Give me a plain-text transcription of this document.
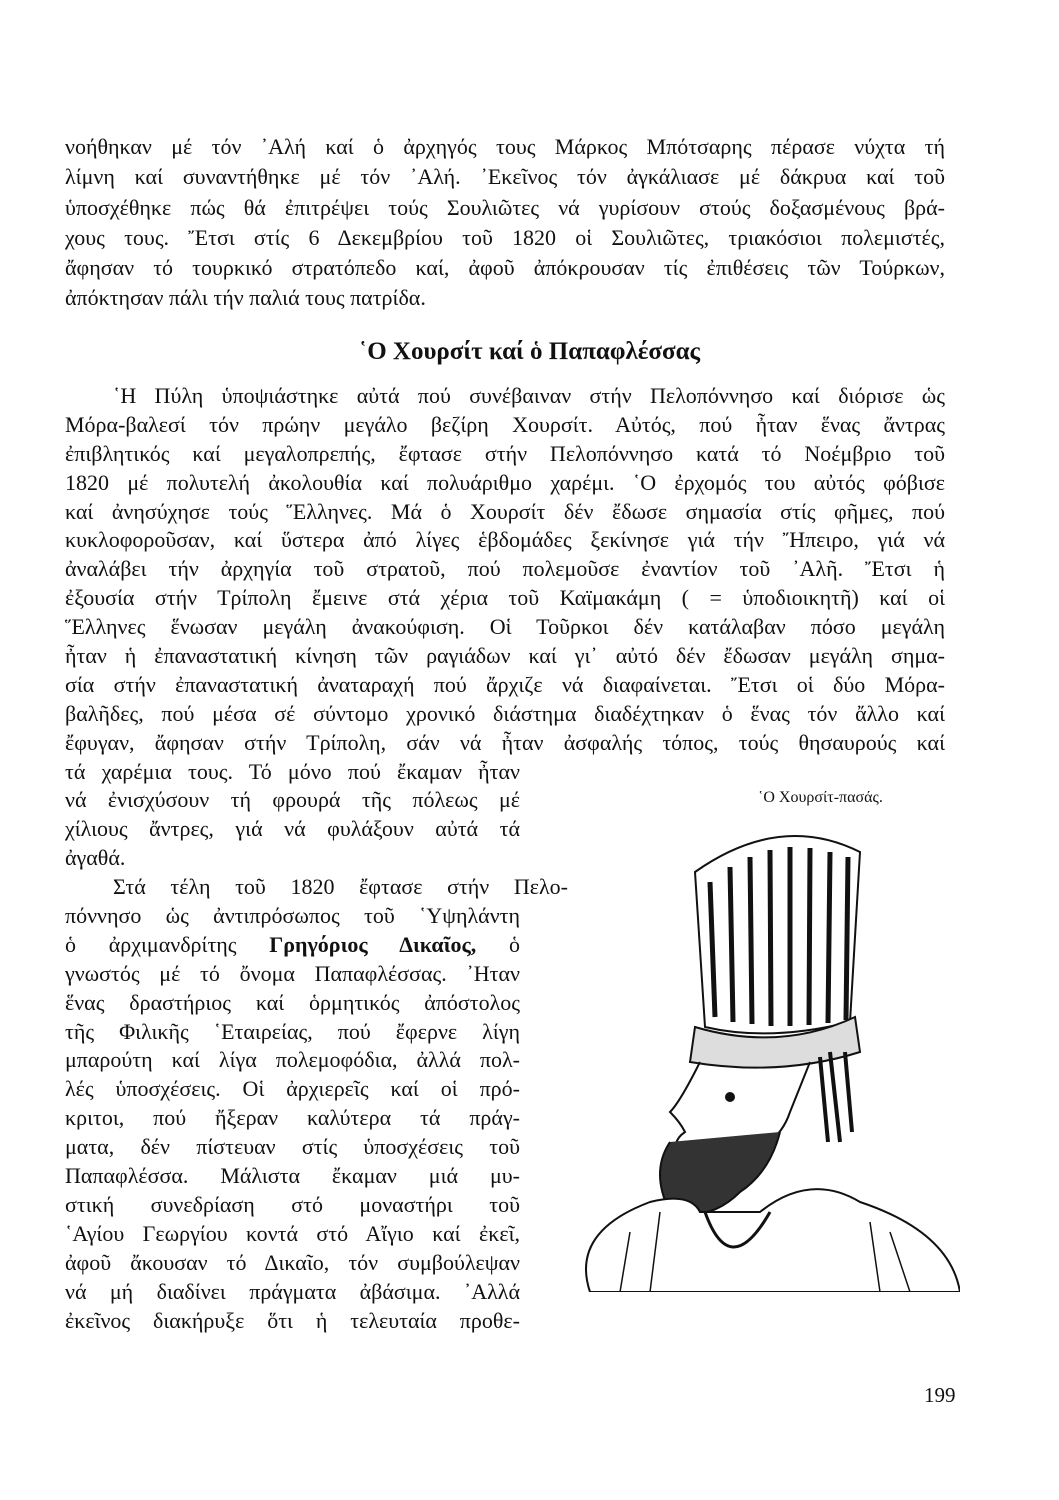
νοήθηκαν μέ τόν ᾿Αλή καί ὁ ἀρχηγός τους Μάρκος Μπότσαρης πέρασε νύχτα τή
λίμνη καί συναντήθηκε μέ τόν ᾿Αλή. ᾿Εκεῖνος τόν ἀγκάλιασε μέ δάκρυα καί τοῦ
ὑποσχέθηκε πώς θά ἐπιτρέψει τούς Σουλιῶτες νά γυρίσουν στούς δοξασμένους βρά-
χους τους. Ἔτσι στίς 6 Δεκεμβρίου τοῦ 1820 οἱ Σουλιῶτες, τριακόσιοι πολεμιστές,
ἄφησαν τό τουρκικό στρατόπεδο καί, ἀφοῦ ἀπόκρουσαν τίς ἐπιθέσεις τῶν Τούρκων,
ἀπόκτησαν πάλι τήν παλιά τους πατρίδα.
῾Ο Χουρσίτ καί ὁ Παπαφλέσσας
῾Η Πύλη ὑποψιάστηκε αὐτά πού συνέβαιναν στήν Πελοπόννησο καί διόρισε ὡς
Μόρα-βαλεσί τόν πρώην μεγάλο βεζίρη Χουρσίτ. Αὐτός, πού ἦταν ἕνας ἄντρας
ἐπιβλητικός καί μεγαλοπρεπής, ἔφτασε στήν Πελοπόννησο κατά τό Νοέμβριο τοῦ
1820 μέ πολυτελή ἀκολουθία καί πολυάριθμο χαρέμι. ῾Ο ἐρχομός του αὐτός φόβισε
καί ἀνησύχησε τούς Ἕλληνες. Μά ὁ Χουρσίτ δέν ἔδωσε σημασία στίς φῆμες, πού
κυκλοφοροῦσαν, καί ὕστερα ἀπό λίγες ἑβδομάδες ξεκίνησε γιά τήν Ἤπειρο, γιά νά
ἀναλάβει τήν ἀρχηγία τοῦ στρατοῦ, πού πολεμοῦσε ἐναντίον τοῦ ᾿Αλῆ. Ἔτσι ἡ
ἐξουσία στήν Τρίπολη ἔμεινε στά χέρια τοῦ Καϊμακάμη ( = ὑποδιοικητῆ) καί οἱ
Ἕλληνες ἕνωσαν μεγάλη ἀνακούφιση. Οἱ Τοῦρκοι δέν κατάλαβαν πόσο μεγάλη
ἦταν ἡ ἐπαναστατική κίνηση τῶν ραγιάδων καί γι᾿ αὐτό δέν ἔδωσαν μεγάλη σημα-
σία στήν ἐπαναστατική ἀναταραχή πού ἄρχιζε νά διαφαίνεται. Ἔτσι οἱ δύο Μόρα-
βαλῆδες, πού μέσα σέ σύντομο χρονικό διάστημα διαδέχτηκαν ὁ ἕνας τόν ἄλλο καί
ἔφυγαν, ἄφησαν στήν Τρίπολη, σάν νά ἦταν ἀσφαλής τόπος, τούς θησαυρούς καί
τά χαρέμια τους. Τό μόνο πού ἔκαμαν ἦταν
νά ἐνισχύσουν τή φρουρά τῆς πόλεως μέ
χίλιους ἄντρες, γιά νά φυλάξουν αὐτά τά
ἀγαθά.
Στά τέλη τοῦ 1820 ἔφτασε στήν Πελο-
πόννησο ὡς ἀντιπρόσωπος τοῦ ῾Υψηλάντη
ὁ ἀρχιμανδρίτης Γρηγόριος Δικαῖος, ὁ
γνωστός μέ τό ὄνομα Παπαφλέσσας. ᾿Ηταν
ἕνας δραστήριος καί ὁρμητικός ἀπόστολος
τῆς Φιλικῆς ῾Εταιρείας, πού ἔφερνε λίγη
μπαρούτη καί λίγα πολεμοφόδια, ἀλλά πολ-
λές ὑποσχέσεις. Οἱ ἀρχιερεῖς καί οἱ πρό-
κριτοι, πού ἤξεραν καλύτερα τά πράγ-
ματα, δέν πίστευαν στίς ὑποσχέσεις τοῦ
Παπαφλέσσα. Μάλιστα ἔκαμαν μιά μυ-
στική συνεδρίαση στό μοναστήρι τοῦ
῾Αγίου Γεωργίου κοντά στό Αἴγιο καί ἐκεῖ,
ἀφοῦ ἄκουσαν τό Δικαῖο, τόν συμβούλεψαν
νά μή διαδίνει πράγματα ἀβάσιμα. ᾿Αλλά
ἐκεῖνος διακήρυξε ὅτι ἡ τελευταία προθε-
῾Ο Χουρσίτ-πασάς.
199
